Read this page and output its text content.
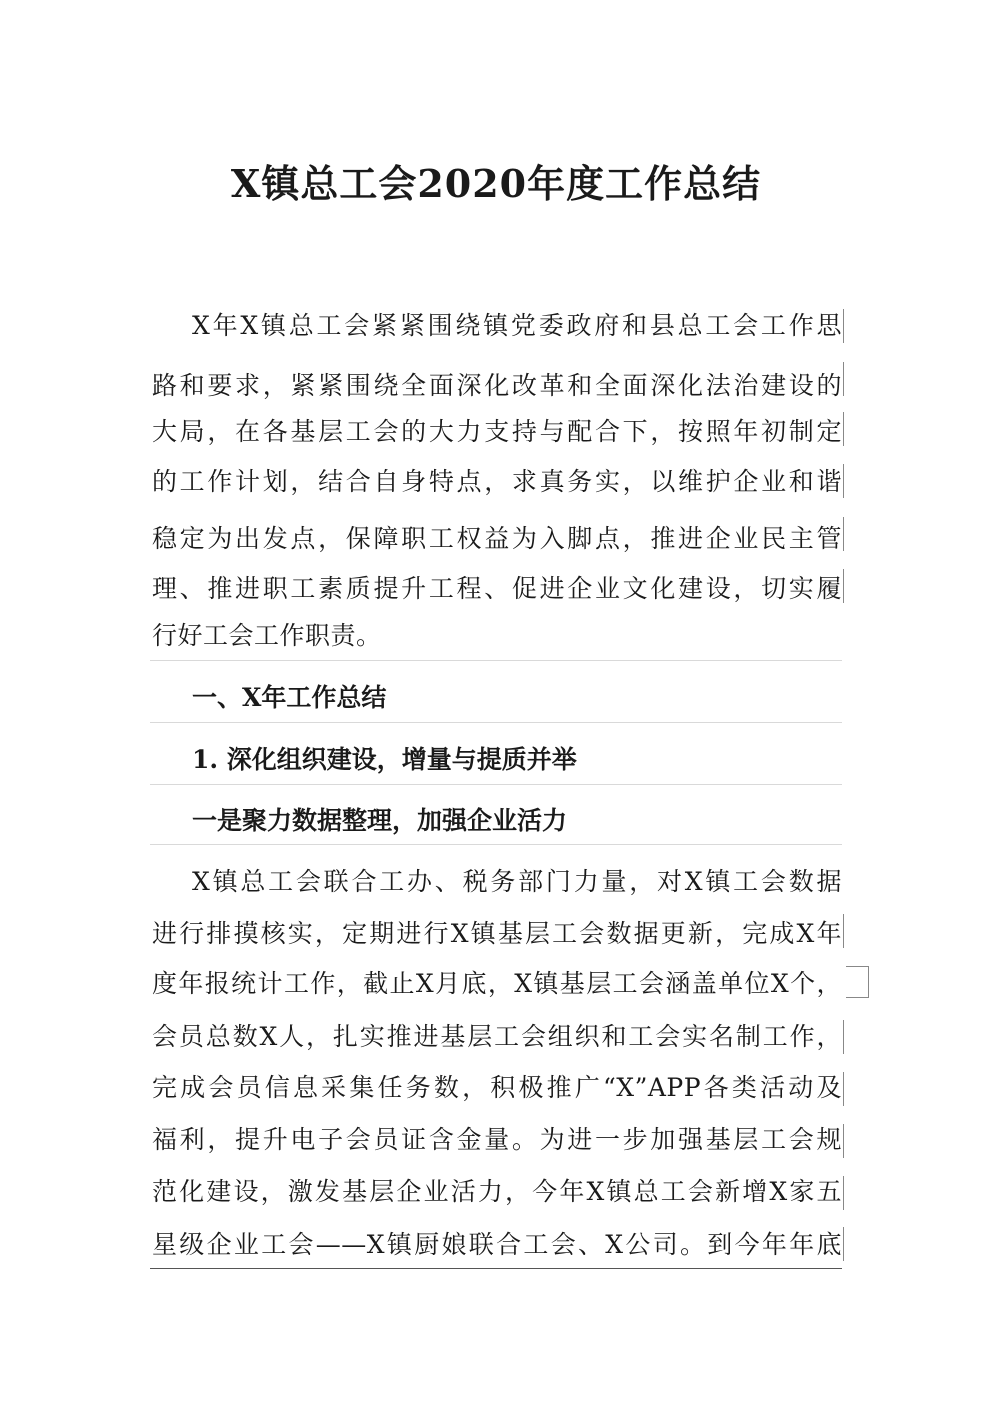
X镇总工会2020年度工作总结
X年X镇总工会紧紧围绕镇党委政府和县总工会工作思
路和要求，紧紧围绕全面深化改革和全面深化法治建设的
大局，在各基层工会的大力支持与配合下，按照年初制定
的工作计划，结合自身特点，求真务实，以维护企业和谐
稳定为出发点，保障职工权益为入脚点，推进企业民主管
理、推进职工素质提升工程、促进企业文化建设，切实履
行好工会工作职责。
一、X年工作总结
1. 深化组织建设，增量与提质并举
一是聚力数据整理，加强企业活力
X镇总工会联合工办、税务部门力量，对X镇工会数据
进行排摸核实，定期进行X镇基层工会数据更新，完成X年
度年报统计工作，截止X月底，X镇基层工会涵盖单位X个，
会员总数X人，扎实推进基层工会组织和工会实名制工作，
完成会员信息采集任务数，积极推广“X”APP各类活动及
福利，提升电子会员证含金量。为进一步加强基层工会规
范化建设，激发基层企业活力，今年X镇总工会新增X家五
星级企业工会——X镇厨娘联合工会、X公司。到今年年底
